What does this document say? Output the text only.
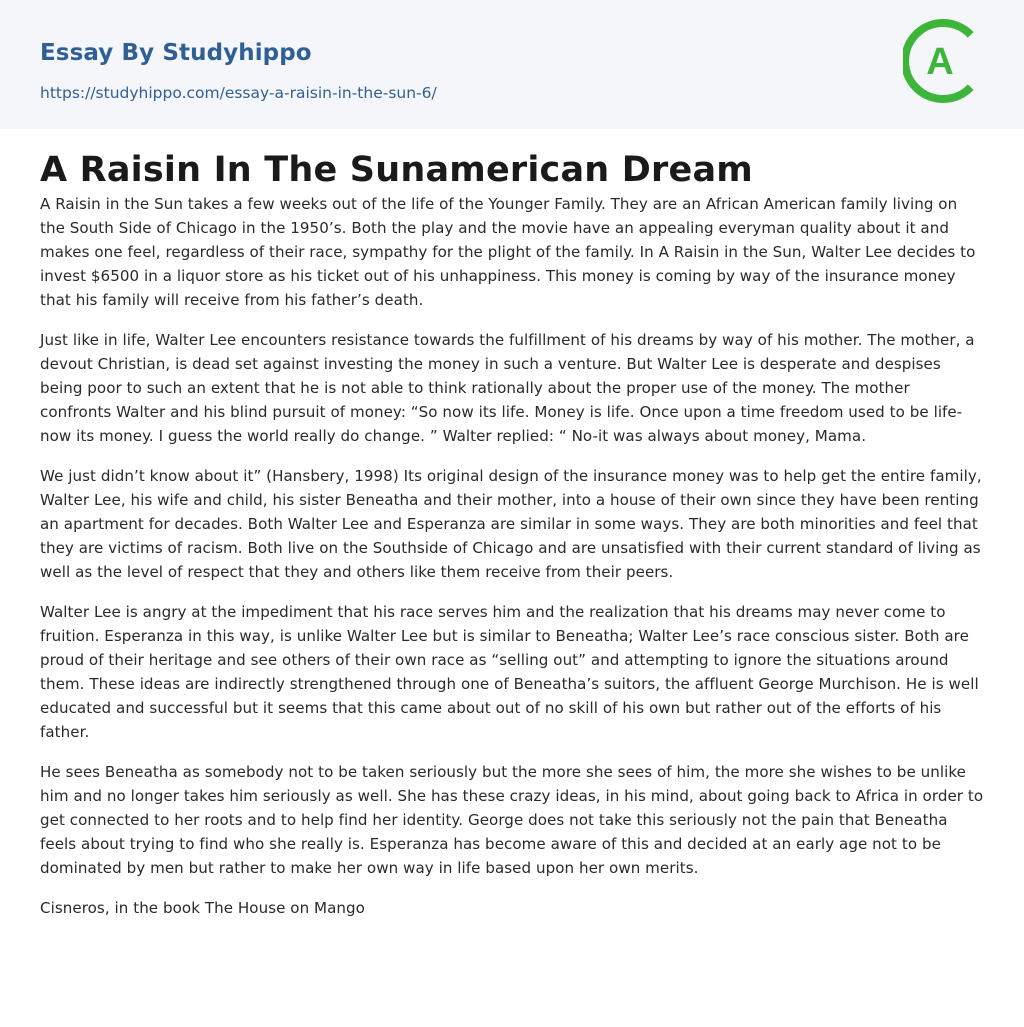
Essay By Studyhippo
https://studyhippo.com/essay-a-raisin-in-the-sun-6/
A
A Raisin In The Sunamerican Dream

A Raisin in the Sun takes a few weeks out of the life of the Younger Family. They are an African American family living on the South Side of Chicago in the 1950’s. Both the play and the movie have an appealing everyman quality about it and makes one feel, regardless of their race, sympathy for the plight of the family. In A Raisin in the Sun, Walter Lee decides to invest $6500 in a liquor store as his ticket out of his unhappiness. This money is coming by way of the insurance money that his family will receive from his father’s death.

Just like in life, Walter Lee encounters resistance towards the fulfillment of his dreams by way of his mother. The mother, a devout Christian, is dead set against investing the money in such a venture. But Walter Lee is desperate and despises being poor to such an extent that he is not able to think rationally about the proper use of the money. The mother confronts Walter and his blind pursuit of money: “So now its life. Money is life. Once upon a time freedom used to be life- now its money. I guess the world really do change. ” Walter replied: “ No-it was always about money, Mama.

We just didn’t know about it” (Hansbery, 1998) Its original design of the insurance money was to help get the entire family, Walter Lee, his wife and child, his sister Beneatha and their mother, into a house of their own since they have been renting an apartment for decades. Both Walter Lee and Esperanza are similar in some ways. They are both minorities and feel that they are victims of racism. Both live on the Southside of Chicago and are unsatisfied with their current standard of living as well as the level of respect that they and others like them receive from their peers.

Walter Lee is angry at the impediment that his race serves him and the realization that his dreams may never come to fruition. Esperanza in this way, is unlike Walter Lee but is similar to Beneatha; Walter Lee’s race conscious sister. Both are proud of their heritage and see others of their own race as “selling out” and attempting to ignore the situations around them. These ideas are indirectly strengthened through one of Beneatha’s suitors, the affluent George Murchison. He is well educated and successful but it seems that this came about out of no skill of his own but rather out of the efforts of his father.

He sees Beneatha as somebody not to be taken seriously but the more she sees of him, the more she wishes to be unlike him and no longer takes him seriously as well. She has these crazy ideas, in his mind, about going back to Africa in order to get connected to her roots and to help find her identity. George does not take this seriously not the pain that Beneatha feels about trying to find who she really is. Esperanza has become aware of this and decided at an early age not to be dominated by men but rather to make her own way in life based upon her own merits.

Cisneros, in the book The House on Mango
